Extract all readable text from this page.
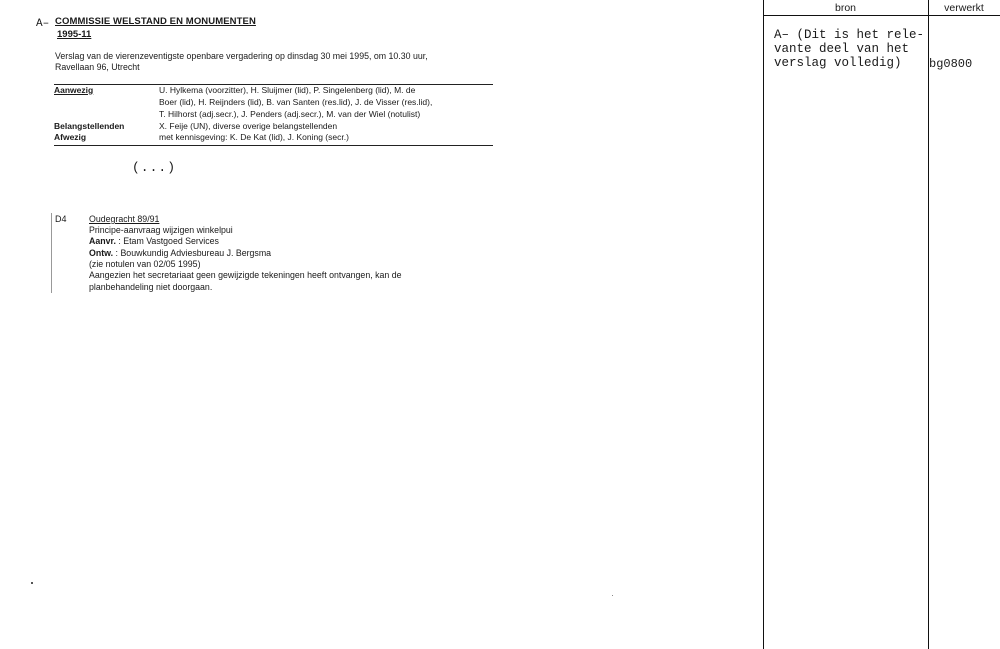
A– COMMISSIE WELSTAND EN MONUMENTEN
1995-11
Verslag van de vierenzeventigste openbare vergadering op dinsdag 30 mei 1995, om 10.30 uur,
Ravellaan 96, Utrecht
Aanwezig	U. Hylkema (voorzitter), H. Sluijmer (lid), P. Singelenberg (lid), M. de
Boer (lid), H. Reijnders (lid), B. van Santen (res.lid), J. de Visser (res.lid),
T. Hilhorst (adj.secr.), J. Penders (adj.secr.), M. van der Wiel (notulist)
Belangstellenden	X. Feije (UN), diverse overige belangstellenden
Afwezig	met kennisgeving: K. De Kat (lid), J. Koning (secr.)
(...)
D4	Oudegracht 89/91
Principe-aanvraag wijzigen winkelpui
Aanvr. : Etam Vastgoed Services
Ontw. : Bouwkundig Adviesbureau J. Bergsma
(zie notulen van 02/05 1995)
Aangezien het secretariaat geen gewijzigde tekeningen heeft ontvangen, kan de
planbehandeling niet doorgaan.
bron	verwerkt
A– (Dit is het rele-
vante deel van het
verslag volledig)	bg0800
